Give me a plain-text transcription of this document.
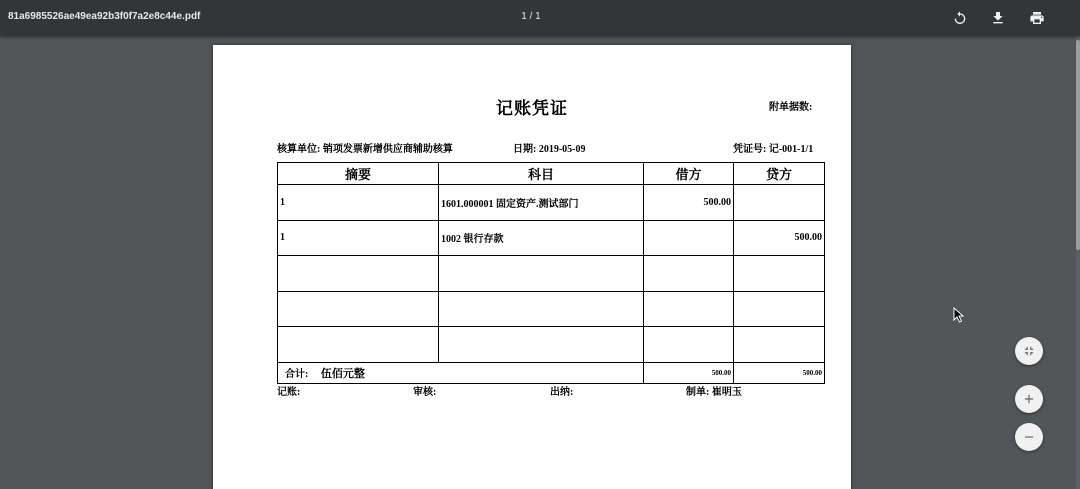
81a6985526ae49ea92b3f0f7a2e8c44e.pdf	1 / 1
记账凭证	附单据数:
核算单位: 销项发票新增供应商辅助核算	日期: 2019-05-09	凭证号: 记-001-1/1
摘要	科目	借方	贷方
1	1601.000001 固定资产.测试部门	500.00	
1	1002 银行存款		500.00

合计: 伍佰元整		500.00	500.00
记账:	审核:	出纳:	制单: 崔明玉
